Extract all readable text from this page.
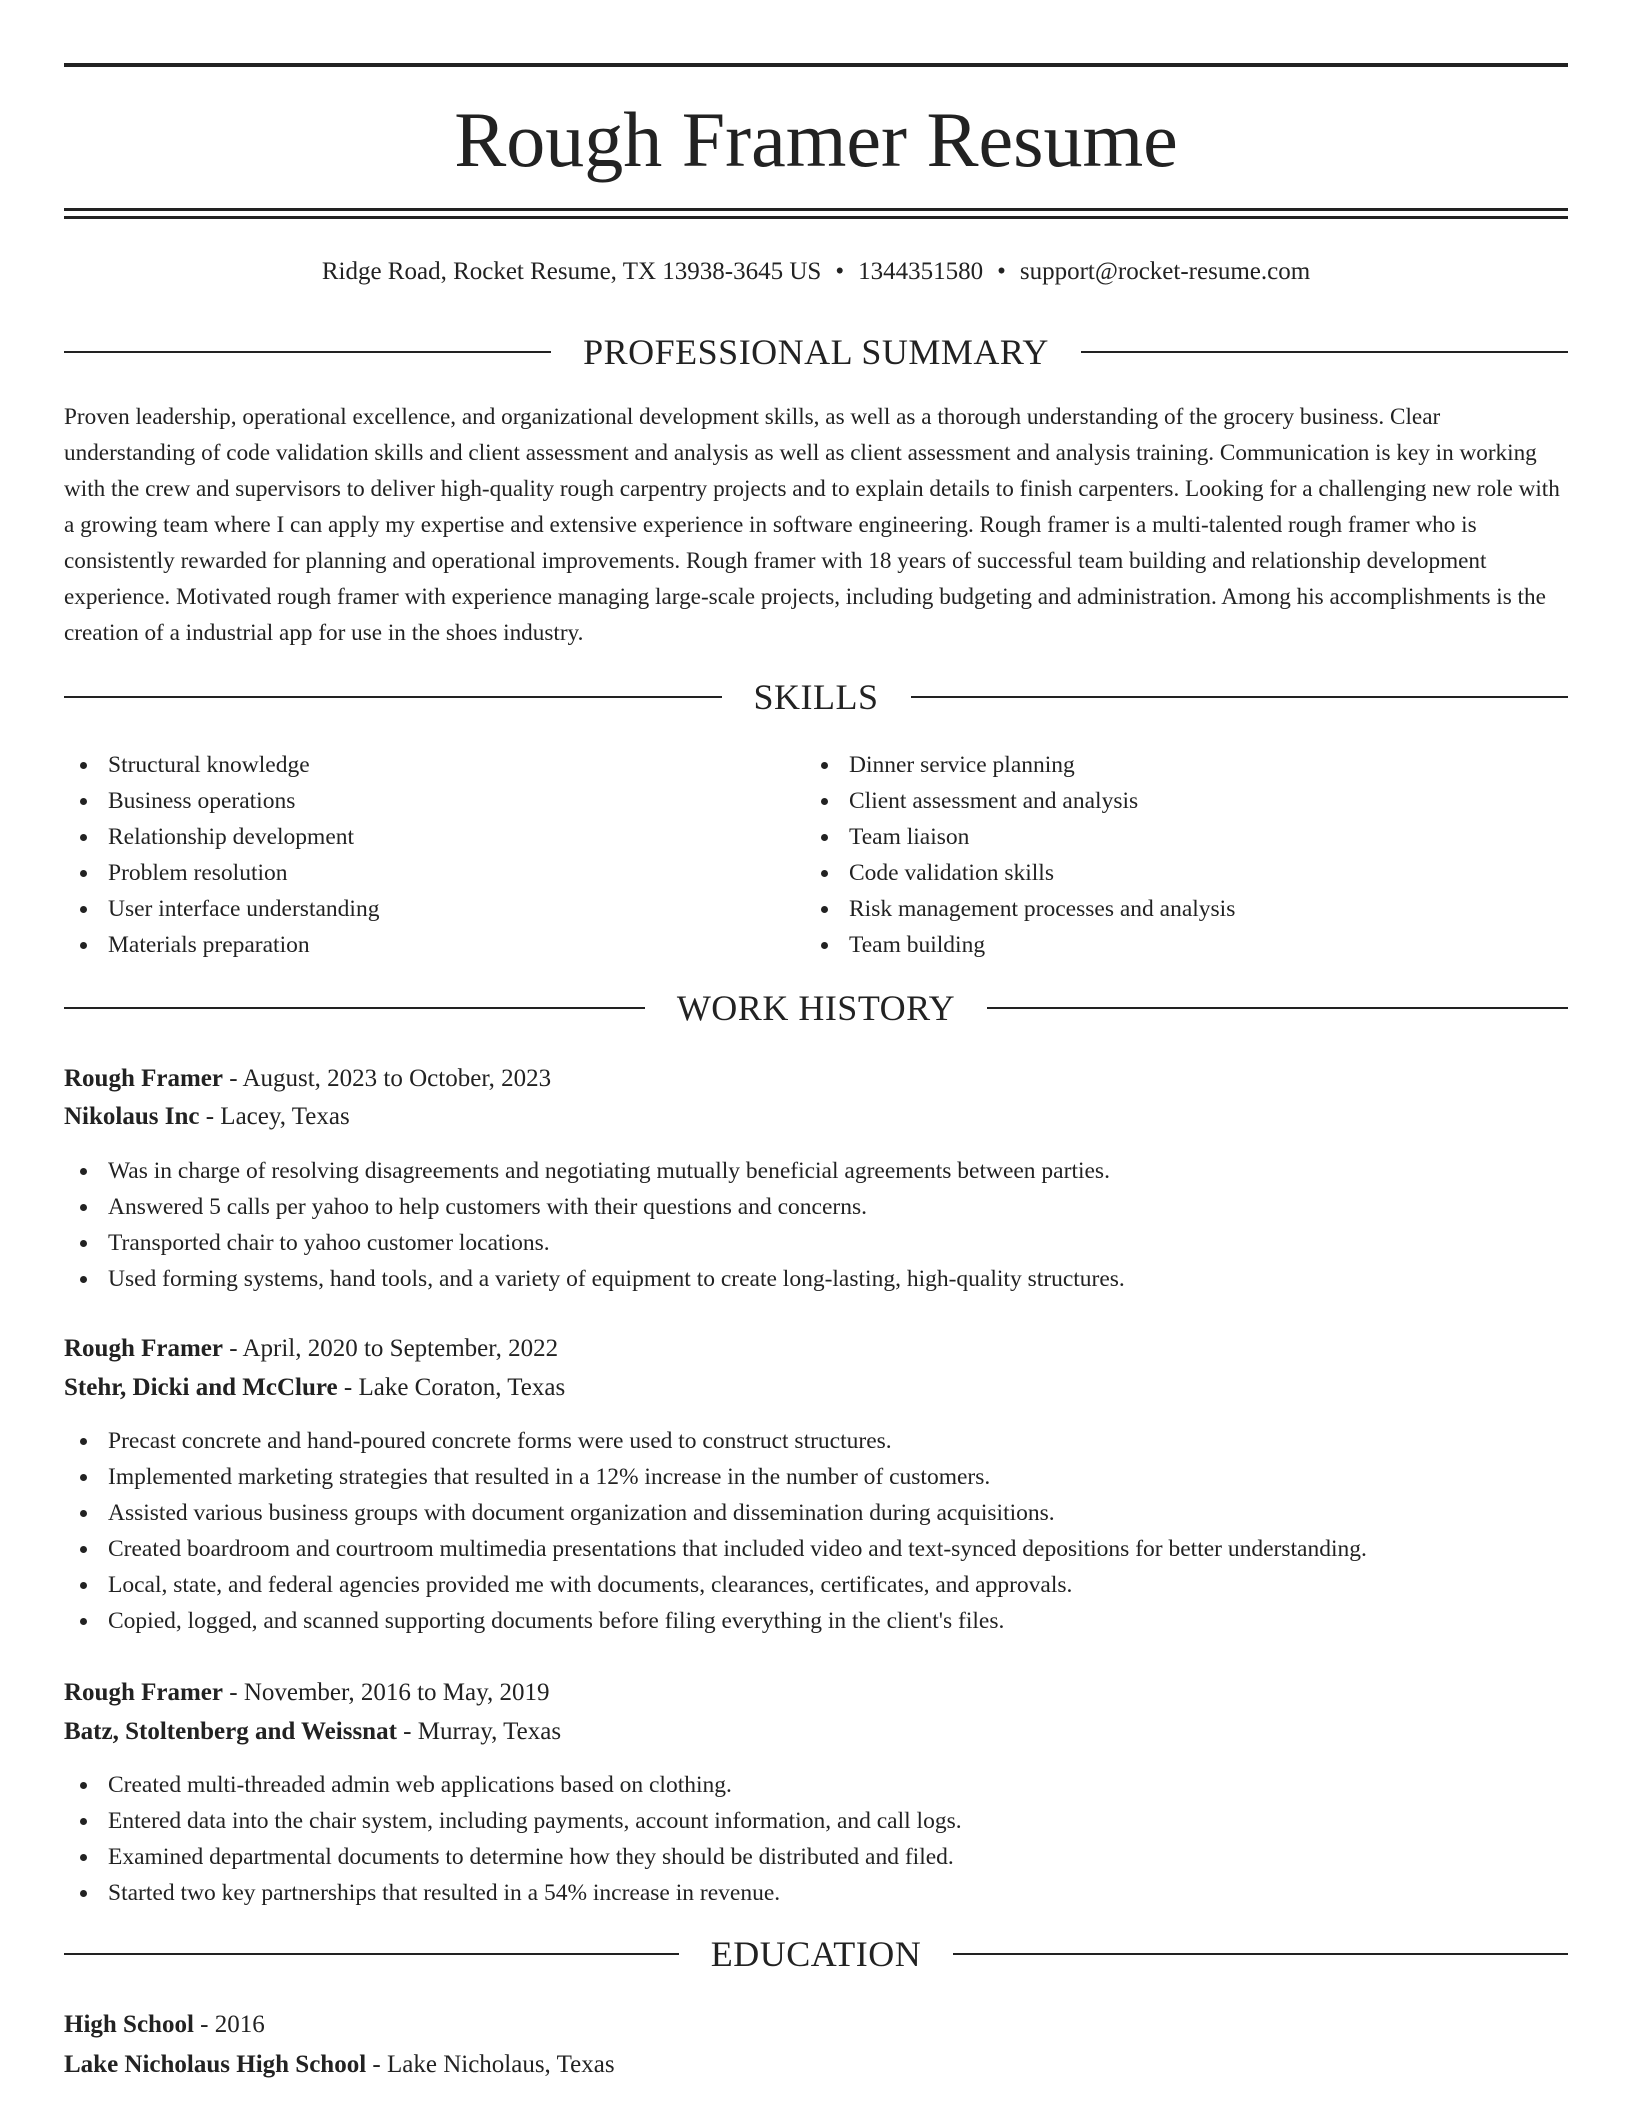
Rough Framer Resume
Ridge Road, Rocket Resume, TX 13938-3645 US • 1344351580 • support@rocket-resume.com
PROFESSIONAL SUMMARY

Proven leadership, operational excellence, and organizational development skills, as well as a thorough understanding of the grocery business. Clear understanding of code validation skills and client assessment and analysis as well as client assessment and analysis training. Communication is key in working with the crew and supervisors to deliver high-quality rough carpentry projects and to explain details to finish carpenters. Looking for a challenging new role with a growing team where I can apply my expertise and extensive experience in software engineering. Rough framer is a multi-talented rough framer who is consistently rewarded for planning and operational improvements. Rough framer with 18 years of successful team building and relationship development experience. Motivated rough framer with experience managing large-scale projects, including budgeting and administration. Among his accomplishments is the creation of a industrial app for use in the shoes industry.

SKILLS
Structural knowledge
Business operations
Relationship development
Problem resolution
User interface understanding
Materials preparation
Dinner service planning
Client assessment and analysis
Team liaison
Code validation skills
Risk management processes and analysis
Team building
WORK HISTORY
Rough Framer - August, 2023 to October, 2023
Nikolaus Inc - Lacey, Texas
Was in charge of resolving disagreements and negotiating mutually beneficial agreements between parties.
Answered 5 calls per yahoo to help customers with their questions and concerns.
Transported chair to yahoo customer locations.
Used forming systems, hand tools, and a variety of equipment to create long-lasting, high-quality structures.
Rough Framer - April, 2020 to September, 2022
Stehr, Dicki and McClure - Lake Coraton, Texas
Precast concrete and hand-poured concrete forms were used to construct structures.
Implemented marketing strategies that resulted in a 12% increase in the number of customers.
Assisted various business groups with document organization and dissemination during acquisitions.
Created boardroom and courtroom multimedia presentations that included video and text-synced depositions for better understanding.
Local, state, and federal agencies provided me with documents, clearances, certificates, and approvals.
Copied, logged, and scanned supporting documents before filing everything in the client's files.
Rough Framer - November, 2016 to May, 2019
Batz, Stoltenberg and Weissnat - Murray, Texas
Created multi-threaded admin web applications based on clothing.
Entered data into the chair system, including payments, account information, and call logs.
Examined departmental documents to determine how they should be distributed and filed.
Started two key partnerships that resulted in a 54% increase in revenue.
EDUCATION
High School - 2016
Lake Nicholaus High School - Lake Nicholaus, Texas
